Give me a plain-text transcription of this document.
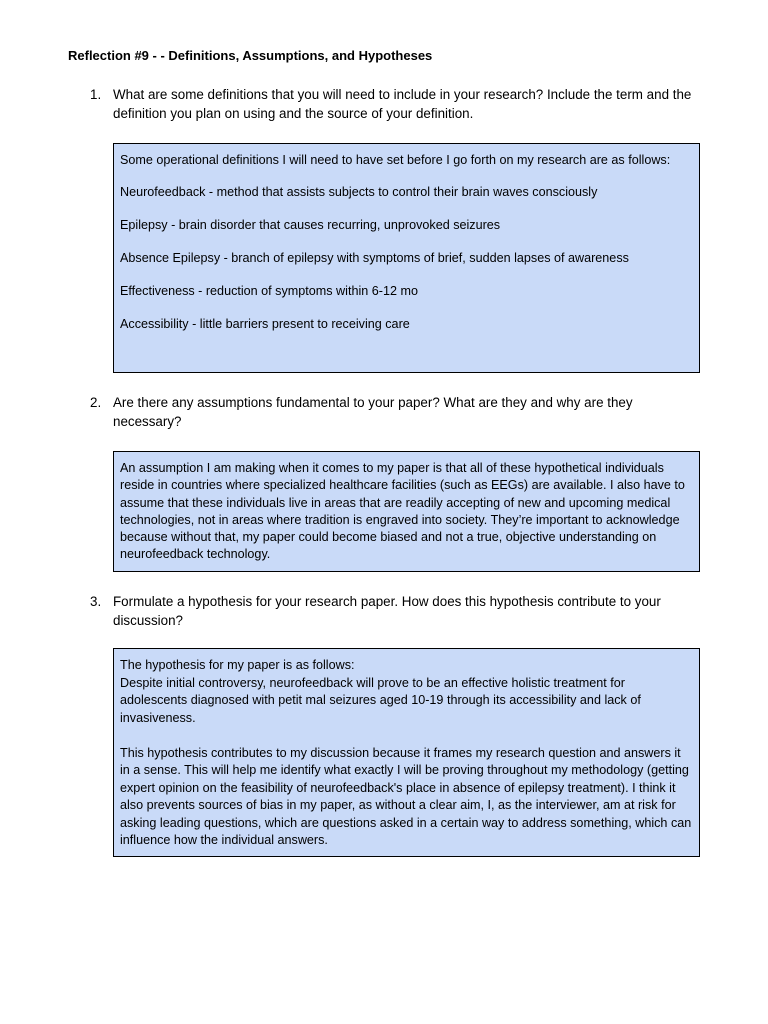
Reflection #9 - - Definitions, Assumptions, and Hypotheses
1. What are some definitions that you will need to include in your research? Include the term and the definition you plan on using and the source of your definition.

Some operational definitions I will need to have set before I go forth on my research are as follows:

Neurofeedback - method that assists subjects to control their brain waves consciously

Epilepsy - brain disorder that causes recurring, unprovoked seizures

Absence Epilepsy - branch of epilepsy with symptoms of brief, sudden lapses of awareness

Effectiveness - reduction of symptoms within 6-12 mo

Accessibility - little barriers present to receiving care

2. Are there any assumptions fundamental to your paper? What are they and why are they necessary?

An assumption I am making when it comes to my paper is that all of these hypothetical individuals reside in countries where specialized healthcare facilities (such as EEGs) are available. I also have to assume that these individuals live in areas that are readily accepting of new and upcoming medical technologies, not in areas where tradition is engraved into society. They’re important to acknowledge because without that, my paper could become biased and not a true, objective understanding on neurofeedback technology.

3. Formulate a hypothesis for your research paper. How does this hypothesis contribute to your discussion?

The hypothesis for my paper is as follows:

Despite initial controversy, neurofeedback will prove to be an effective holistic treatment for adolescents diagnosed with petit mal seizures aged 10-19 through its accessibility and lack of invasiveness.

This hypothesis contributes to my discussion because it frames my research question and answers it in a sense. This will help me identify what exactly I will be proving throughout my methodology (getting expert opinion on the feasibility of neurofeedback's place in absence of epilepsy treatment). I think it also prevents sources of bias in my paper, as without a clear aim, I, as the interviewer, am at risk for asking leading questions, which are questions asked in a certain way to address something, which can influence how the individual answers.
